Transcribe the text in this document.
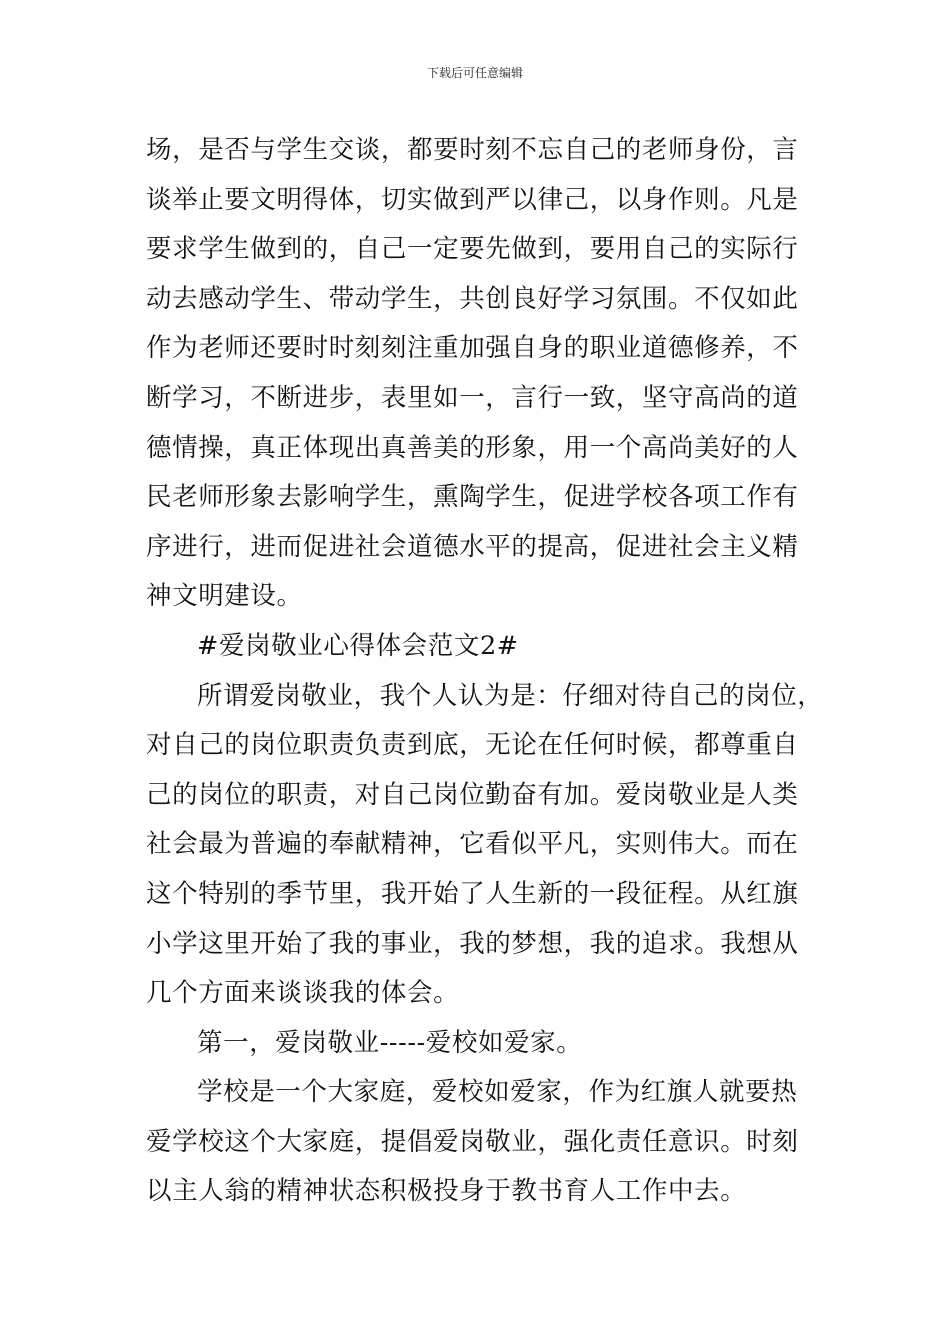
下载后可任意编辑
场，是否与学生交谈，都要时刻不忘自己的老师身份，言
谈举止要文明得体，切实做到严以律己，以身作则。凡是
要求学生做到的，自己一定要先做到，要用自己的实际行
动去感动学生、带动学生，共创良好学习氛围。不仅如此
作为老师还要时时刻刻注重加强自身的职业道德修养，不
断学习，不断进步，表里如一，言行一致，坚守高尚的道
德情操，真正体现出真善美的形象，用一个高尚美好的人
民老师形象去影响学生，熏陶学生，促进学校各项工作有
序进行，进而促进社会道德水平的提高，促进社会主义精
神文明建设。
#爱岗敬业心得体会范文2#
所谓爱岗敬业，我个人认为是：仔细对待自己的岗位，
对自己的岗位职责负责到底，无论在任何时候，都尊重自
己的岗位的职责，对自己岗位勤奋有加。爱岗敬业是人类
社会最为普遍的奉献精神，它看似平凡，实则伟大。而在
这个特别的季节里，我开始了人生新的一段征程。从红旗
小学这里开始了我的事业，我的梦想，我的追求。我想从
几个方面来谈谈我的体会。
第一，爱岗敬业-----爱校如爱家。
学校是一个大家庭，爱校如爱家，作为红旗人就要热
爱学校这个大家庭，提倡爱岗敬业，强化责任意识。时刻
以主人翁的精神状态积极投身于教书育人工作中去。
